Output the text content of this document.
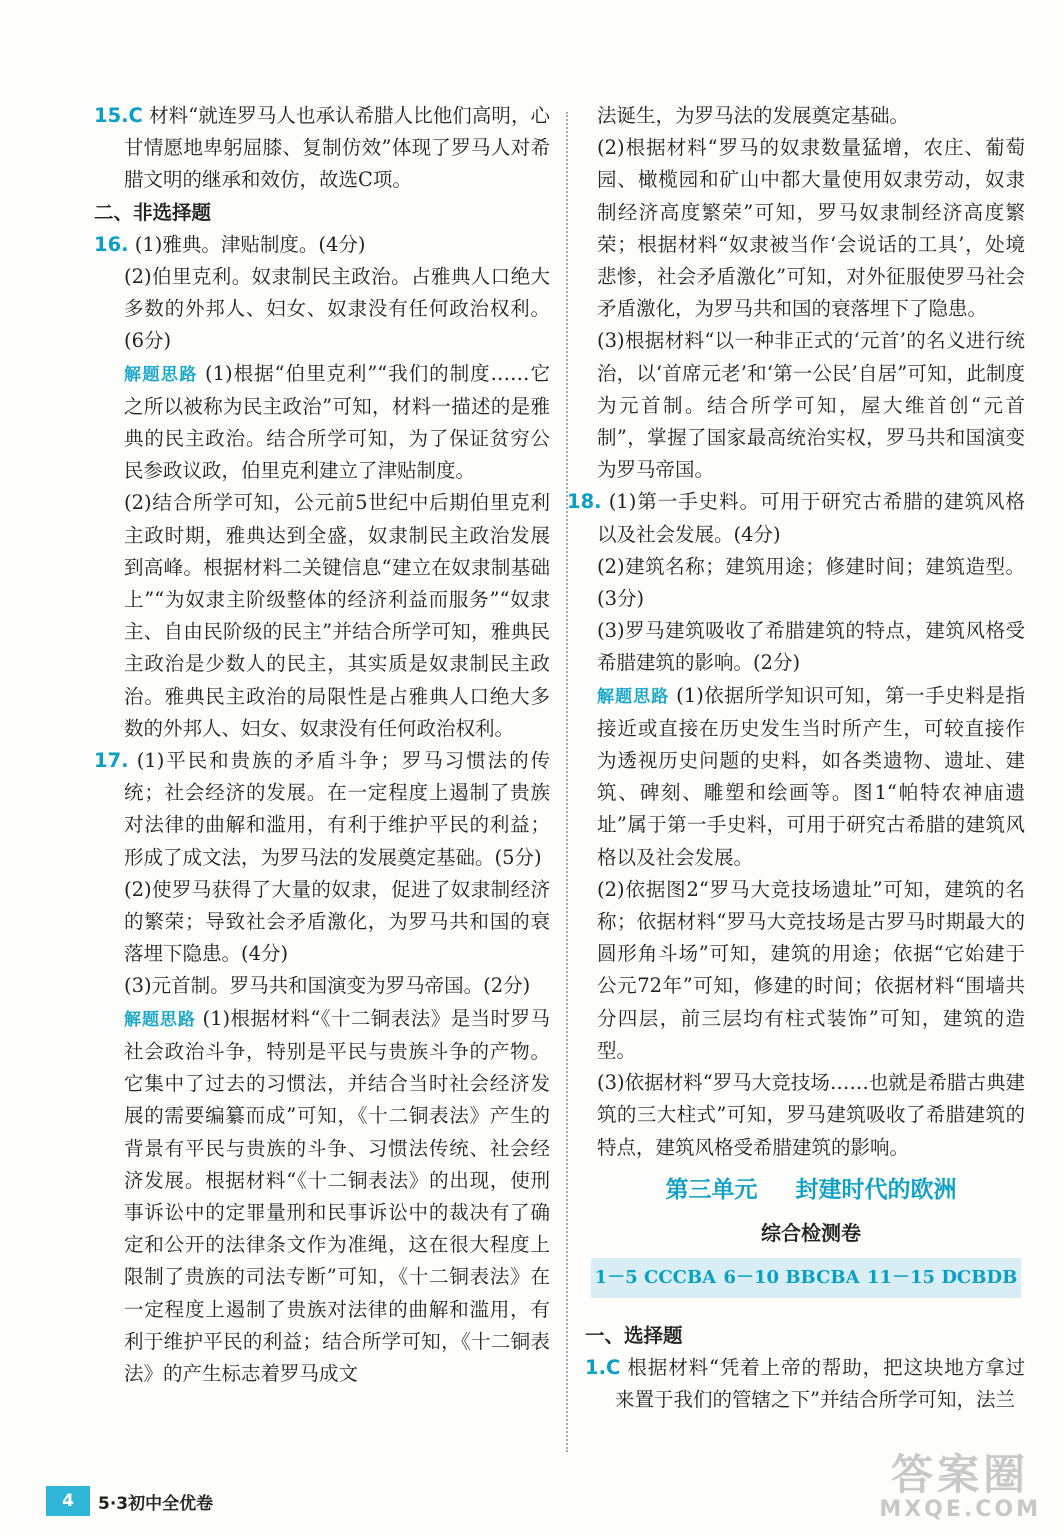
15.C 材料“就连罗马人也承认希腊人比他们高明，心甘情愿地卑躬屈膝、复制仿效”体现了罗马人对希腊文明的继承和效仿，故选C项。

二、非选择题

16. (1)雅典。津贴制度。(4分)

(2)伯里克利。奴隶制民主政治。占雅典人口绝大多数的外邦人、妇女、奴隶没有任何政治权利。(6分)

解题思路 (1)根据“伯里克利”“我们的制度……它之所以被称为民主政治”可知，材料一描述的是雅典的民主政治。结合所学可知，为了保证贫穷公民参政议政，伯里克利建立了津贴制度。

(2)结合所学可知，公元前5世纪中后期伯里克利主政时期，雅典达到全盛，奴隶制民主政治发展到高峰。根据材料二关键信息“建立在奴隶制基础上”“为奴隶主阶级整体的经济利益而服务”“奴隶主、自由民阶级的民主”并结合所学可知，雅典民主政治是少数人的民主，其实质是奴隶制民主政治。雅典民主政治的局限性是占雅典人口绝大多数的外邦人、妇女、奴隶没有任何政治权利。

17. (1)平民和贵族的矛盾斗争；罗马习惯法的传统；社会经济的发展。在一定程度上遏制了贵族对法律的曲解和滥用，有利于维护平民的利益；形成了成文法，为罗马法的发展奠定基础。(5分)

(2)使罗马获得了大量的奴隶，促进了奴隶制经济的繁荣；导致社会矛盾激化，为罗马共和国的衰落埋下隐患。(4分)

(3)元首制。罗马共和国演变为罗马帝国。(2分)

解题思路 (1)根据材料“《十二铜表法》是当时罗马社会政治斗争，特别是平民与贵族斗争的产物。它集中了过去的习惯法，并结合当时社会经济发展的需要编纂而成”可知，《十二铜表法》产生的背景有平民与贵族的斗争、习惯法传统、社会经济发展。根据材料“《十二铜表法》的出现，使刑事诉讼中的定罪量刑和民事诉讼中的裁决有了确定和公开的法律条文作为准绳，这在很大程度上限制了贵族的司法专断”可知，《十二铜表法》在一定程度上遏制了贵族对法律的曲解和滥用，有利于维护平民的利益；结合所学可知，《十二铜表法》的产生标志着罗马成文

法诞生，为罗马法的发展奠定基础。

(2)根据材料“罗马的奴隶数量猛增，农庄、葡萄园、橄榄园和矿山中都大量使用奴隶劳动，奴隶制经济高度繁荣”可知，罗马奴隶制经济高度繁荣；根据材料“奴隶被当作‘会说话的工具’，处境悲惨，社会矛盾激化”可知，对外征服使罗马社会矛盾激化，为罗马共和国的衰落埋下了隐患。

(3)根据材料“以一种非正式的‘元首’的名义进行统治，以‘首席元老’和‘第一公民’自居”可知，此制度为元首制。结合所学可知，屋大维首创“元首制”，掌握了国家最高统治实权，罗马共和国演变为罗马帝国。

18. (1)第一手史料。可用于研究古希腊的建筑风格以及社会发展。(4分)

(2)建筑名称；建筑用途；修建时间；建筑造型。(3分)

(3)罗马建筑吸收了希腊建筑的特点，建筑风格受希腊建筑的影响。(2分)

解题思路 (1)依据所学知识可知，第一手史料是指接近或直接在历史发生当时所产生，可较直接作为透视历史问题的史料，如各类遗物、遗址、建筑、碑刻、雕塑和绘画等。图1“帕特农神庙遗址”属于第一手史料，可用于研究古希腊的建筑风格以及社会发展。

(2)依据图2“罗马大竞技场遗址”可知，建筑的名称；依据材料“罗马大竞技场是古罗马时期最大的圆形角斗场”可知，建筑的用途；依据“它始建于公元72年”可知，修建的时间；依据材料“围墙共分四层，前三层均有柱式装饰”可知，建筑的造型。

(3)依据材料“罗马大竞技场……也就是希腊古典建筑的三大柱式”可知，罗马建筑吸收了希腊建筑的特点，建筑风格受希腊建筑的影响。

第三单元 封建时代的欧洲
综合检测卷
1－5 CCCBA 6－10 BBCBA 11－15 DCBDB

一、选择题

1.C 根据材料“凭着上帝的帮助，把这块地方拿过来置于我们的管辖之下”并结合所学可知，法兰

4	5·3初中全优卷
答案圈
MXQE.COM
